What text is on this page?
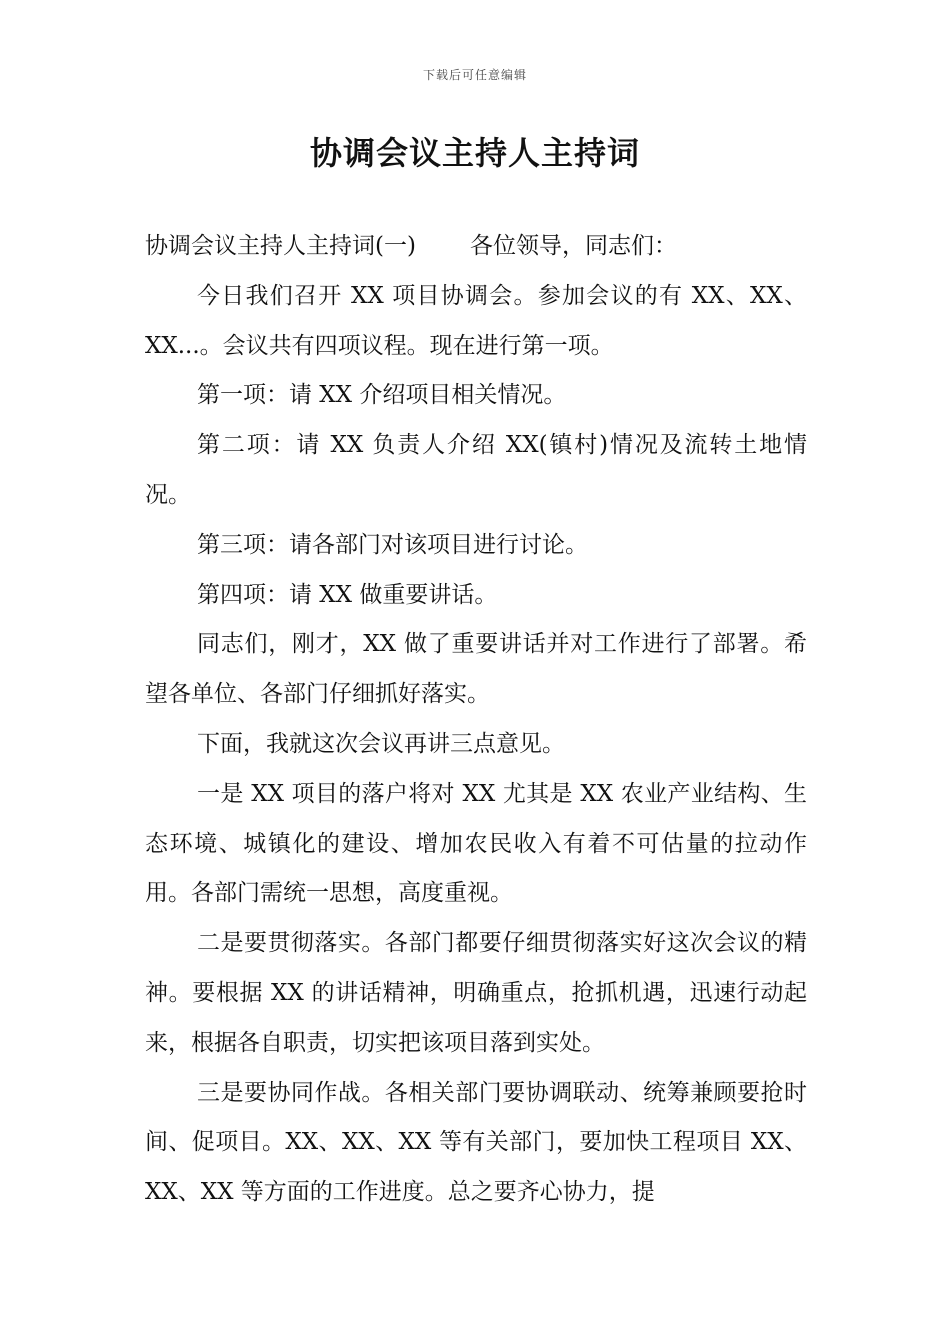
下载后可任意编辑
协调会议主持人主持词

协调会议主持人主持词(一) 各位领导，同志们：

今日我们召开 XX 项目协调会。参加会议的有 XX、XX、XX...。会议共有四项议程。现在进行第一项。

第一项：请 XX 介绍项目相关情况。

第二项：请 XX 负责人介绍 XX(镇村)情况及流转土地情况。

第三项：请各部门对该项目进行讨论。

第四项：请 XX 做重要讲话。

同志们，刚才，XX 做了重要讲话并对工作进行了部署。希望各单位、各部门仔细抓好落实。

下面，我就这次会议再讲三点意见。

一是 XX 项目的落户将对 XX 尤其是 XX 农业产业结构、生态环境、城镇化的建设、增加农民收入有着不可估量的拉动作用。各部门需统一思想，高度重视。

二是要贯彻落实。各部门都要仔细贯彻落实好这次会议的精神。要根据 XX 的讲话精神，明确重点，抢抓机遇，迅速行动起来，根据各自职责，切实把该项目落到实处。

三是要协同作战。各相关部门要协调联动、统筹兼顾要抢时间、促项目。XX、XX、XX 等有关部门，要加快工程项目 XX、XX、XX 等方面的工作进度。总之要齐心协力，提
